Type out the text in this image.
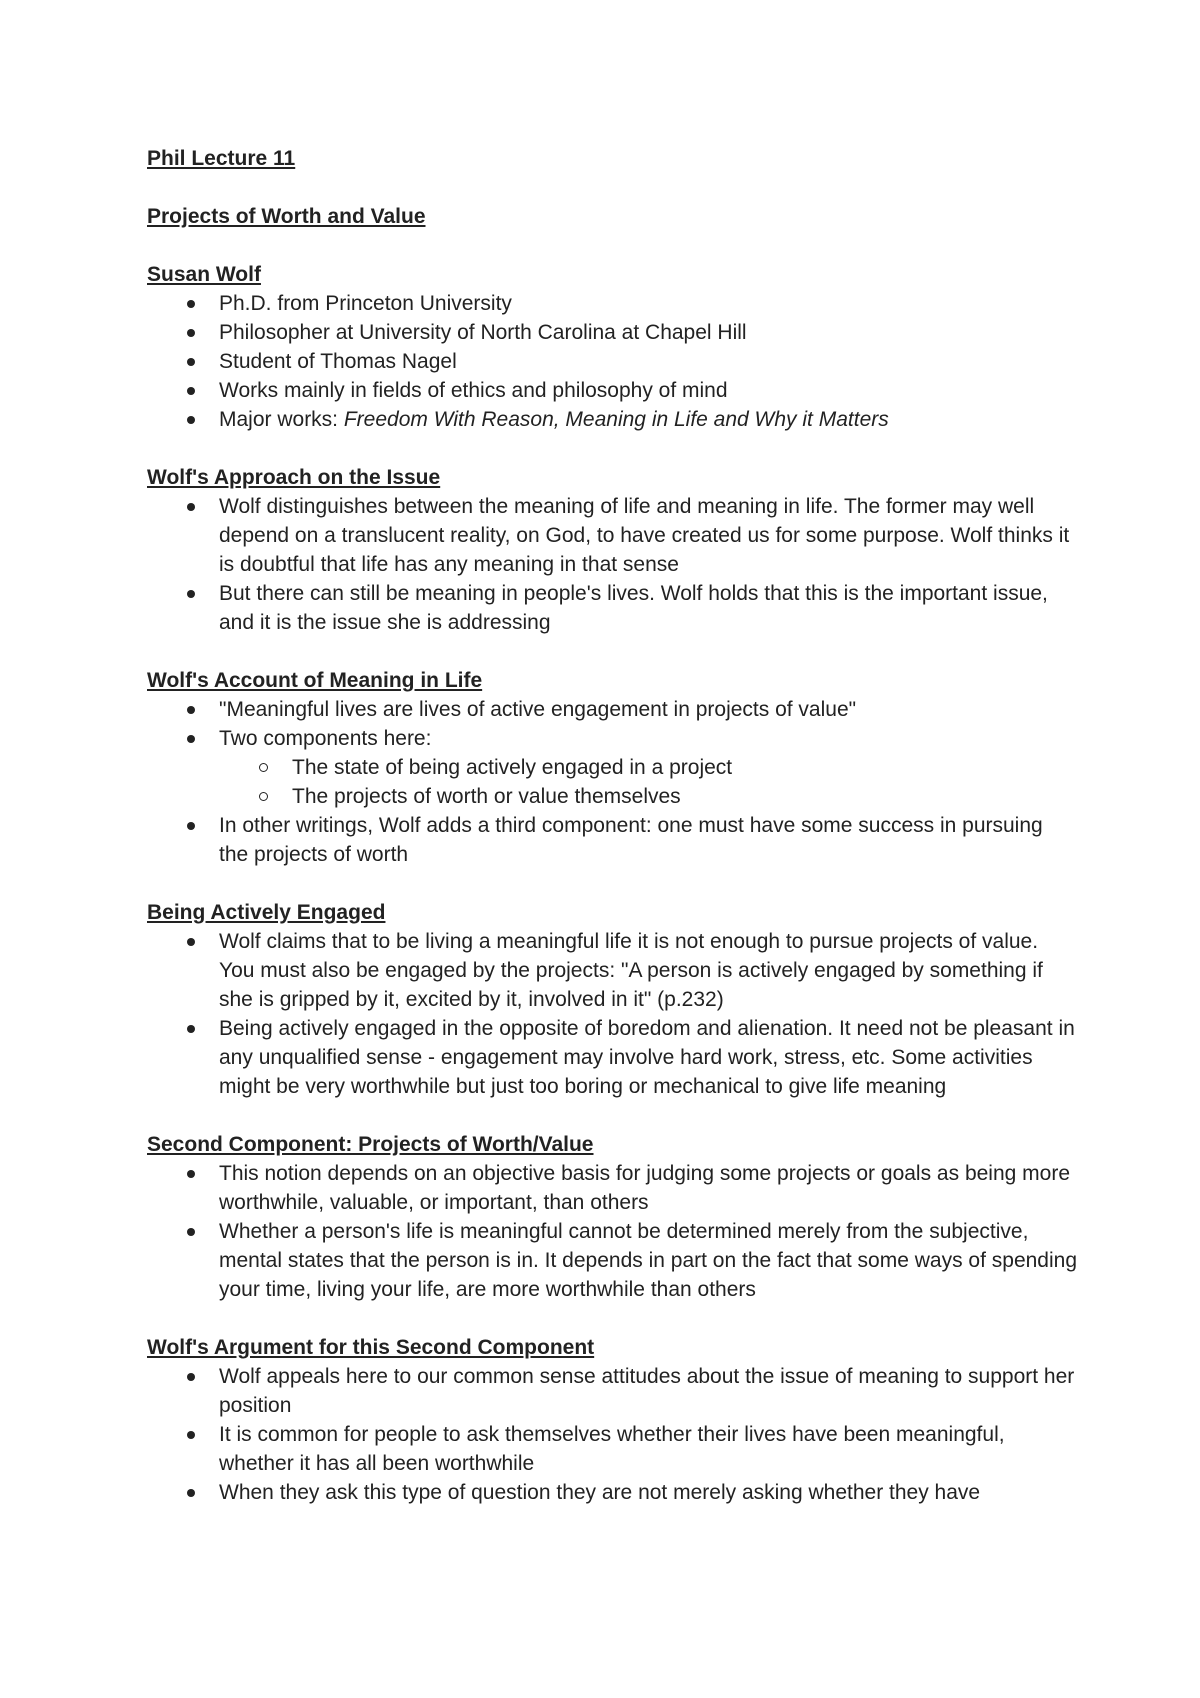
Phil Lecture 11
Projects of Worth and Value
Susan Wolf
Ph.D. from Princeton University
Philosopher at University of North Carolina at Chapel Hill
Student of Thomas Nagel
Works mainly in fields of ethics and philosophy of mind
Major works: Freedom With Reason, Meaning in Life and Why it Matters
Wolf's Approach on the Issue
Wolf distinguishes between the meaning of life and meaning in life. The former may well depend on a translucent reality, on God, to have created us for some purpose. Wolf thinks it is doubtful that life has any meaning in that sense
But there can still be meaning in people's lives. Wolf holds that this is the important issue, and it is the issue she is addressing
Wolf's Account of Meaning in Life
"Meaningful lives are lives of active engagement in projects of value"
Two components here:
The state of being actively engaged in a project
The projects of worth or value themselves
In other writings, Wolf adds a third component: one must have some success in pursuing the projects of worth
Being Actively Engaged
Wolf claims that to be living a meaningful life it is not enough to pursue projects of value. You must also be engaged by the projects: "A person is actively engaged by something if she is gripped by it, excited by it, involved in it" (p.232)
Being actively engaged in the opposite of boredom and alienation. It need not be pleasant in any unqualified sense - engagement may involve hard work, stress, etc. Some activities might be very worthwhile but just too boring or mechanical to give life meaning
Second Component: Projects of Worth/Value
This notion depends on an objective basis for judging some projects or goals as being more worthwhile, valuable, or important, than others
Whether a person's life is meaningful cannot be determined merely from the subjective, mental states that the person is in. It depends in part on the fact that some ways of spending your time, living your life, are more worthwhile than others
Wolf's Argument for this Second Component
Wolf appeals here to our common sense attitudes about the issue of meaning to support her position
It is common for people to ask themselves whether their lives have been meaningful, whether it has all been worthwhile
When they ask this type of question they are not merely asking whether they have
